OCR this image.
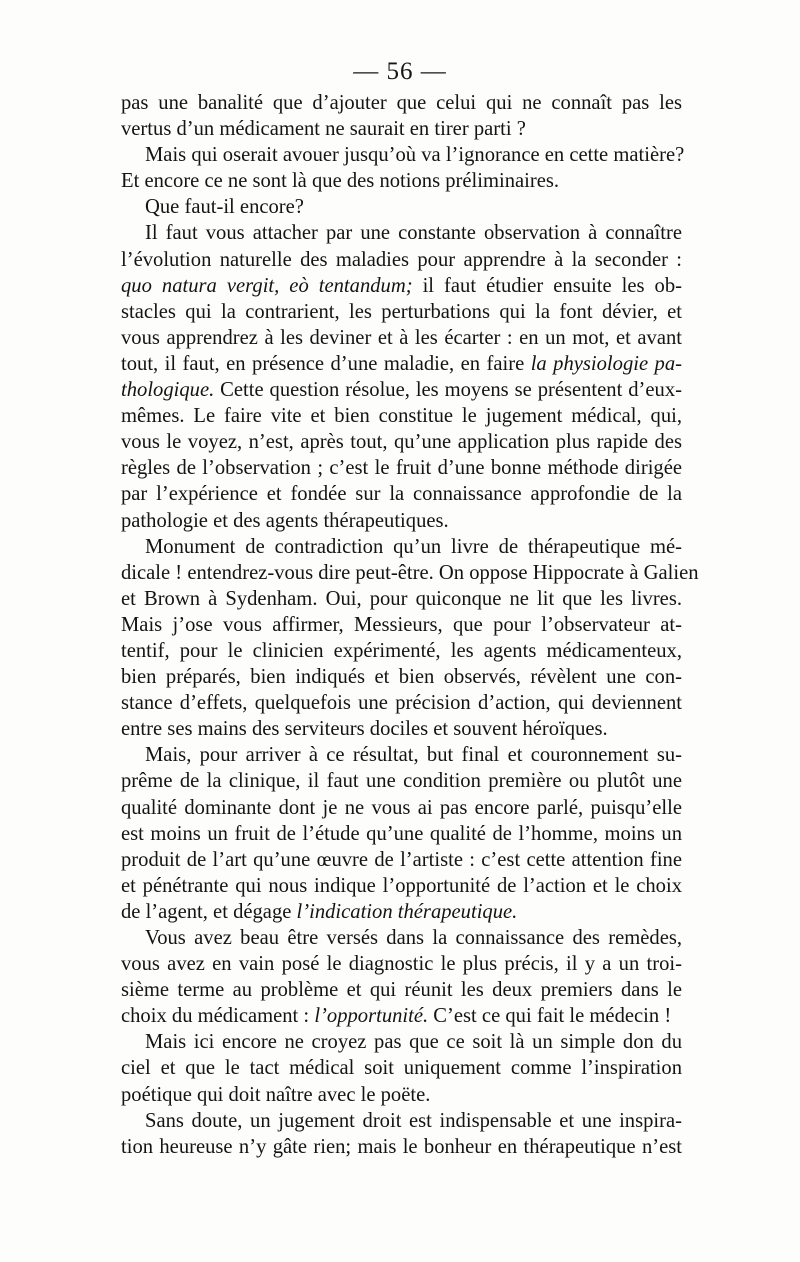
— 56 —
pas une banalité que d’ajouter que celui qui ne connaît pas les
vertus d’un médicament ne saurait en tirer parti ?
Mais qui oserait avouer jusqu’où va l’ignorance en cette matière?
Et encore ce ne sont là que des notions préliminaires.
Que faut-il encore?
Il faut vous attacher par une constante observation à connaître
l’évolution naturelle des maladies pour apprendre à la seconder :
quo natura vergit, eò tentandum; il faut étudier ensuite les ob-
stacles qui la contrarient, les perturbations qui la font dévier, et
vous apprendrez à les deviner et à les écarter : en un mot, et avant
tout, il faut, en présence d’une maladie, en faire la physiologie pa-
thologique. Cette question résolue, les moyens se présentent d’eux-
mêmes. Le faire vite et bien constitue le jugement médical, qui,
vous le voyez, n’est, après tout, qu’une application plus rapide des
règles de l’observation ; c’est le fruit d’une bonne méthode dirigée
par l’expérience et fondée sur la connaissance approfondie de la
pathologie et des agents thérapeutiques.
Monument de contradiction qu’un livre de thérapeutique mé-
dicale ! entendrez-vous dire peut-être. On oppose Hippocrate à Galien
et Brown à Sydenham. Oui, pour quiconque ne lit que les livres.
Mais j’ose vous affirmer, Messieurs, que pour l’observateur at-
tentif, pour le clinicien expérimenté, les agents médicamenteux,
bien préparés, bien indiqués et bien observés, révèlent une con-
stance d’effets, quelquefois une précision d’action, qui deviennent
entre ses mains des serviteurs dociles et souvent héroïques.
Mais, pour arriver à ce résultat, but final et couronnement su-
prême de la clinique, il faut une condition première ou plutôt une
qualité dominante dont je ne vous ai pas encore parlé, puisqu’elle
est moins un fruit de l’étude qu’une qualité de l’homme, moins un
produit de l’art qu’une œuvre de l’artiste : c’est cette attention fine
et pénétrante qui nous indique l’opportunité de l’action et le choix
de l’agent, et dégage l’indication thérapeutique.
Vous avez beau être versés dans la connaissance des remèdes,
vous avez en vain posé le diagnostic le plus précis, il y a un troi-
sième terme au problème et qui réunit les deux premiers dans le
choix du médicament : l’opportunité. C’est ce qui fait le médecin !
Mais ici encore ne croyez pas que ce soit là un simple don du
ciel et que le tact médical soit uniquement comme l’inspiration
poétique qui doit naître avec le poëte.
Sans doute, un jugement droit est indispensable et une inspira-
tion heureuse n’y gâte rien; mais le bonheur en thérapeutique n’est
